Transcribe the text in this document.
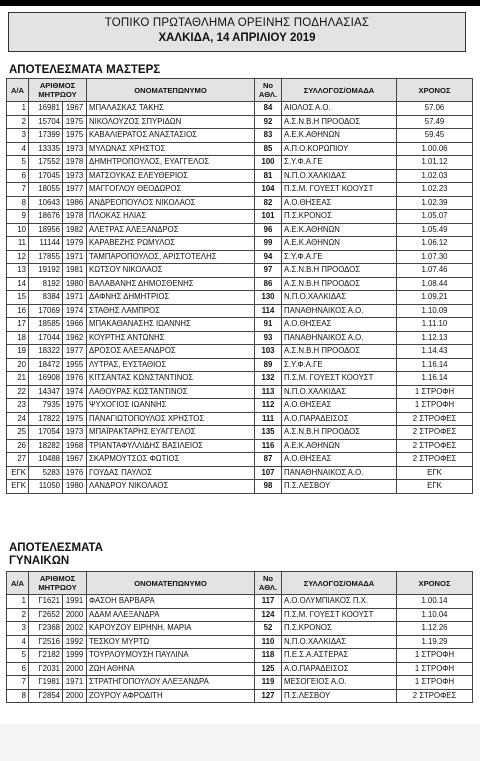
ΤΟΠΙΚΟ ΠΡΩΤΑΘΛΗΜΑ ΟΡΕΙΝΗΣ ΠΟΔΗΛΑΣΙΑΣ
ΧΑΛΚΙΔΑ, 14 ΑΠΡΙΛΙΟΥ 2019
ΑΠΟΤΕΛΕΣΜΑΤΑ ΜΑΣΤΕΡΣ
Α/Α	ΑΡΙΘΜΟΣ ΜΗΤΡΩΟΥ		ΟΝΟΜΑΤΕΠΩΝΥΜΟ	Νο ΑΘΛ.	ΣΥΛΛΟΓΟΣ/ΟΜΑΔΑ	ΧΡΟΝΟΣ
1	16981	1967	ΜΠΑΛΑΣΚΑΣ ΤΑΚΗΣ	84	ΑΙΟΛΟΣ Α.Ο.	57.06
2	15704	1975	ΝΙΚΟΛΟΥΖΟΣ ΣΠΥΡΙΔΩΝ	92	Α.Σ.Ν.Β.Η ΠΡΟΟΔΟΣ	57.49
3	17399	1975	ΚΑΒΑΛΙΕΡΑΤΟΣ ΑΝΑΣΤΑΣΙΟΣ	83	Α.Ε.Κ.ΑΘΗΝΩΝ	59.45
4	13335	1973	ΜΥΛΩΝΑΣ ΧΡΗΣΤΟΣ	85	Α.Π.Ο.ΚΟΡΩΠΙΟΥ	1.00.06
5	17552	1978	ΔΗΜΗΤΡΟΠΟΥΛΟΣ, ΕΥΑΓΓΕΛΟΣ	100	Σ.Υ.Φ.Α.ΓΕ	1.01.12
6	17045	1973	ΜΑΤΣΟΥΚΑΣ ΕΛΕΥΘΕΡΙΟΣ	81	Ν.Π.Ο.ΧΑΛΚΙΔΑΣ	1.02.03
7	18055	1977	ΜΑΓΓΟΓΛΟΥ ΘΕΟΔΩΡΟΣ	104	Π.Σ.Μ. ΓΟΥΕΣΤ ΚΟΟΥΣΤ	1.02.23
8	10643	1986	ΑΝΔΡΕΟΠΟΥΛΟΣ ΝΙΚΟΛΑΟΣ	82	Α.Ο.ΘΗΣΕΑΣ	1.02.39
9	18676	1978	ΠΛΟΚΑΣ ΗΛΙΑΣ	101	Π.Σ.ΚΡΟΝΟΣ	1.05.07
10	18956	1982	ΑΛΕΤΡΑΣ ΑΛΕΞΑΝΔΡΟΣ	96	Α.Ε.Κ.ΑΘΗΝΩΝ	1.05.49
11	11144	1979	ΚΑΡΑΒΕΖΗΣ ΡΩΜΥΛΟΣ	99	Α.Ε.Κ.ΑΘΗΝΩΝ	1.06.12
12	17855	1971	ΤΑΜΠΑΡΟΠΟΥΛΟΣ, ΑΡΙΣΤΟΤΕΛΗΣ	94	Σ.Υ.Φ.Α.ΓΕ	1.07.30
13	19192	1981	ΚΩΤΣΟΥ ΝΙΚΟΛΑΟΣ	97	Α.Σ.Ν.Β.Η ΠΡΟΟΔΟΣ	1.07.46
14	8192	1980	ΒΑΛΑΒΑΝΗΣ ΔΗΜΟΣΘΕΝΗΣ	86	Α.Σ.Ν.Β.Η ΠΡΟΟΔΟΣ	1.08.44
15	8384	1971	ΔΑΦΝΗΣ ΔΗΜΗΤΡΙΟΣ	130	Ν.Π.Ο.ΧΑΛΚΙΔΑΣ	1.09.21
16	17069	1974	ΣΤΑΘΗΣ ΛΑΜΠΡΟΣ	114	ΠΑΝΑΘΗΝΑΙΚΟΣ Α.Ο.	1.10.09
17	18585	1966	ΜΠΑΚΑΘΑΝΑΣΗΣ ΙΩΑΝΝΗΣ	91	Α.Ο.ΘΗΣΕΑΣ	1.11.10
18	17044	1962	ΚΟΥΡΤΗΣ ΑΝΤΩΝΗΣ	93	ΠΑΝΑΘΗΝΑΙΚΟΣ Α.Ο.	1.12.13
19	18322	1977	ΔΡΟΣΟΣ ΑΛΕΞΑΝΔΡΟΣ	103	Α.Σ.Ν.Β.Η ΠΡΟΟΔΟΣ	1.14.43
20	18472	1955	ΛΥΤΡΑΣ, ΕΥΣΤΑΘΙΟΣ	89	Σ.Υ.Φ.Α.ΓΕ	1.16.14
21	16908	1976	ΚΙΤΣΑΝΤΑΣ ΚΩΝΣΤΑΝΤΙΝΟΣ	132	Π.Σ.Μ. ΓΟΥΕΣΤ ΚΟΟΥΣΤ	1.16.14
22	14347	1974	ΛΑΘΟΥΡΑΣ ΚΩΣΤΑΝΤΙΝΟΣ	113	Ν.Π.Ο.ΧΑΛΚΙΔΑΣ	1 ΣΤΡΟΦΗ
23	7935	1975	ΨΥΧΟΓΙΟΣ ΙΩΑΝΝΗΣ	112	Α.Ο.ΘΗΣΕΑΣ	1 ΣΤΡΟΦΗ
24	17822	1975	ΠΑΝΑΓΙΩΤΟΠΟΥΛΟΣ ΧΡΗΣΤΟΣ	111	Α.Ο.ΠΑΡΑΔΕΙΣΟΣ	2 ΣΤΡΟΦΕΣ
25	17054	1973	ΜΠΑΪΡΑΚΤΑΡΗΣ ΕΥΑΓΓΕΛΟΣ	135	Α.Σ.Ν.Β.Η ΠΡΟΟΔΟΣ	2 ΣΤΡΟΦΕΣ
26	18282	1968	ΤΡΙΑΝΤΑΦΥΛΛΙΔΗΣ ΒΑΣΙΛΕΙΟΣ	116	Α.Ε.Κ.ΑΘΗΝΩΝ	2 ΣΤΡΟΦΕΣ
27	10488	1967	ΣΚΑΡΜΟΥΤΣΟΣ ΦΩΤΙΟΣ	87	Α.Ο.ΘΗΣΕΑΣ	2 ΣΤΡΟΦΕΣ
ΕΓΚ	5283	1976	ΓΟΥΔΑΣ ΠΑΥΛΟΣ	107	ΠΑΝΑΘΗΝΑΙΚΟΣ Α.Ο.	ΕΓΚ
ΕΓΚ	11050	1980	ΛΑΝΔΡΟΥ ΝΙΚΟΛΑΟΣ	98	Π.Σ.ΛΕΣΒΟΥ	ΕΓΚ
ΑΠΟΤΕΛΕΣΜΑΤΑ
ΓΥΝΑΙΚΩΝ
Α/Α	ΑΡΙΘΜΟΣ ΜΗΤΡΩΟΥ		ΟΝΟΜΑΤΕΠΩΝΥΜΟ	Νο ΑΘΛ.	ΣΥΛΛΟΓΟΣ/ΟΜΑΔΑ	ΧΡΟΝΟΣ
1	Γ1621	1991	ΦΑΣΟΗ ΒΑΡΒΑΡΑ	117	Α.Ο.ΟΛΥΜΠΙΑΚΟΣ Π.Χ.	1.00.14
2	Γ2652	2000	ΑΔΑΜ ΑΛΕΞΑΝΔΡΑ	124	Π.Σ.Μ. ΓΟΥΕΣΤ ΚΟΟΥΣΤ	1.10.04
3	Γ2368	2002	ΚΑΡΟΥΖΟΥ ΕΙΡΗΝΗ, ΜΑΡΙΑ	52	Π.Σ.ΚΡΟΝΟΣ	1.12.26
4	Γ2516	1992	ΤΕΣΚΟΥ ΜΥΡΤΩ	110	Ν.Π.Ο.ΧΑΛΚΙΔΑΣ	1.19.29
5	Γ2182	1999	ΤΟΥΡΛΟΥΜΟΥΣΗ ΠΑΥΛΙΝΑ	118	Π.Ε.Σ.Α.ΑΣΤΕΡΑΣ	1 ΣΤΡΟΦΗ
6	Γ2031	2000	ΖΩΗ ΑΘΗΝΑ	125	Α.Ο.ΠΑΡΑΔΕΙΣΟΣ	1 ΣΤΡΟΦΗ
7	Γ1981	1971	ΣΤΡΑΤΗΓΟΠΟΥΛΟΥ ΑΛΕΞΑΝΔΡΑ	119	ΜΕΣΟΓΕΙΟΣ Α.Ο.	1 ΣΤΡΟΦΗ
8	Γ2854	2000	ΖΟΥΡΟΥ ΑΦΡΟΔΙΤΗ	127	Π.Σ.ΛΕΣΒΟΥ	2 ΣΤΡΟΦΕΣ
